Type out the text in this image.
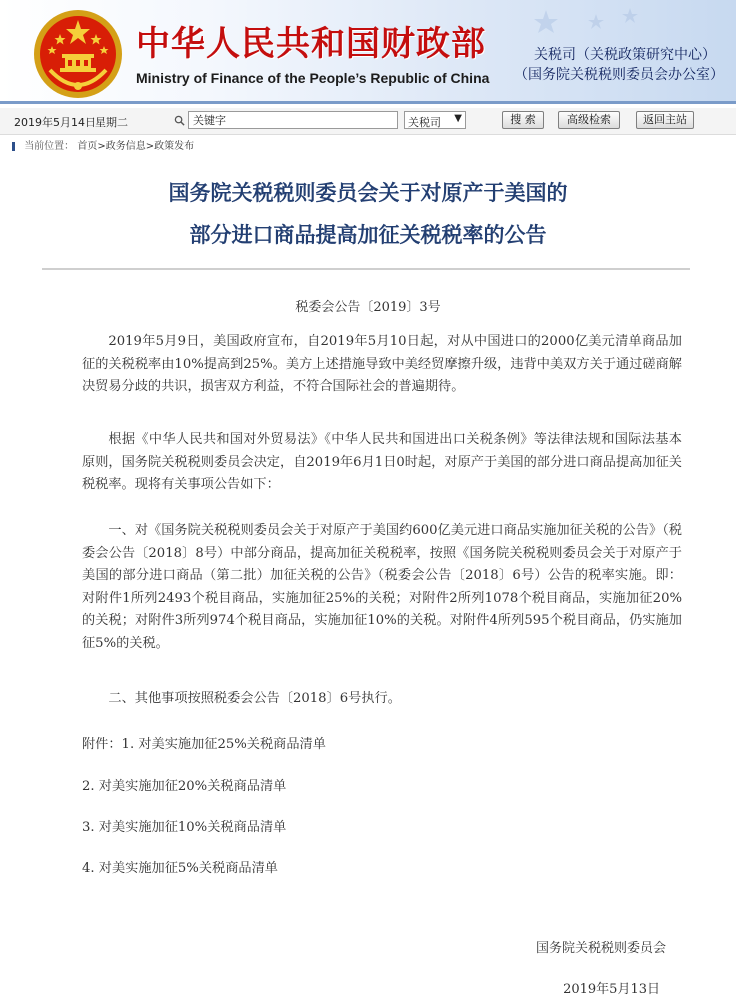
中华人民共和国财政部
Ministry of Finance of the People’s Republic of China
关税司（关税政策研究中心）
（国务院关税税则委员会办公室）
2019年5月14日 星期二
关键字	关税司 ▼	搜 索	高级检索	返回主站
当前位置： 首页>政务信息>政策发布
国务院关税税则委员会关于对原产于美国的
部分进口商品提高加征关税税率的公告
税委会公告〔2019〕3号

2019年5月9日，美国政府宣布，自2019年5月10日起，对从中国进口的2000亿美元清单商品加征的关税税率由10%提高到25%。美方上述措施导致中美经贸摩擦升级，违背中美双方关于通过磋商解决贸易分歧的共识，损害双方利益，不符合国际社会的普遍期待。

根据《中华人民共和国对外贸易法》《中华人民共和国进出口关税条例》等法律法规和国际法基本原则，国务院关税税则委员会决定，自2019年6月1日0时起，对原产于美国的部分进口商品提高加征关税税率。现将有关事项公告如下：

一、对《国务院关税税则委员会关于对原产于美国约600亿美元进口商品实施加征关税的公告》（税委会公告〔2018〕8号）中部分商品，提高加征关税税率，按照《国务院关税税则委员会关于对原产于美国的部分进口商品（第二批）加征关税的公告》（税委会公告〔2018〕6号）公告的税率实施。即：对附件1所列2493个税目商品，实施加征25%的关税；对附件2所列1078个税目商品，实施加征20%的关税；对附件3所列974个税目商品，实施加征10%的关税。对附件4所列595个税目商品，仍实施加征5%的关税。

二、其他事项按照税委会公告〔2018〕6号执行。

附件：1. 对美实施加征25%关税商品清单

2. 对美实施加征20%关税商品清单

3. 对美实施加征10%关税商品清单

4. 对美实施加征5%关税商品清单

国务院关税税则委员会
2019年5月13日
